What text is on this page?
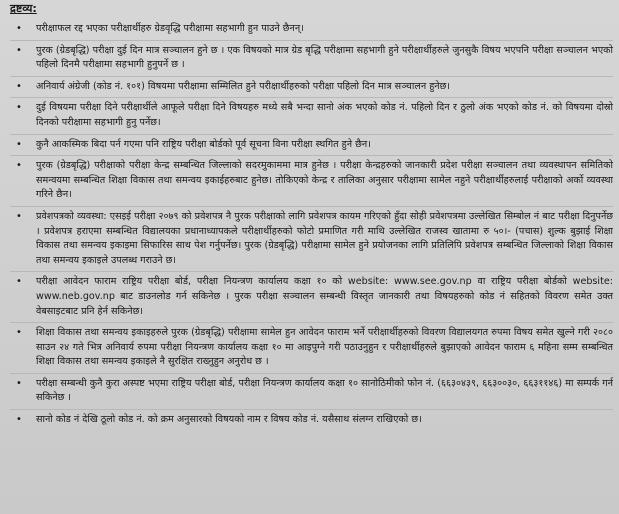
द्रष्टव्य:
• परीक्षाफल रद्द भएका परीक्षार्थीहरु ग्रेडवृद्धि परीक्षामा सहभागी हुन पाउने छैनन्।
• पुरक (ग्रेडबृद्धि) परीक्षा दुई दिन मात्र सञ्चालन हुने छ । एक विषयको मात्र ग्रेड बृद्धि परीक्षामा सहभागी हुने परीक्षार्थीहरुले जुनसुकै विषय भएपनि परीक्षा सञ्चालन भएको पहिलो दिनमै परीक्षामा सहभागी हुनुपर्ने छ ।
• अनिवार्य अंग्रेजी (कोड नं. १०१) विषयमा परीक्षामा सम्मिलित हुने परीक्षार्थीहरुको परीक्षा पहिलो दिन मात्र सञ्चालन हुनेछ।
• दुई विषयमा परीक्षा दिने परीक्षार्थीले आफूले परीक्षा दिने विषयहरु मध्ये सबै भन्दा सानो अंक भएको कोड नं. पहिलो दिन र ठुलो अंक भएको कोड नं. को विषयमा दोस्रो दिनको परीक्षामा सहभागी हुनु पर्नेछ।
• कुनै आकस्मिक बिदा पर्न गएमा पनि राष्ट्रिय परीक्षा बोर्डको पूर्व सूचना विना परीक्षा स्थगित हुने छैन।
• पुरक (ग्रेडबृद्धि) परीक्षाको परीक्षा केन्द्र सम्बन्धित जिल्लाको सदरमुकाममा मात्र हुनेछ । परीक्षा केन्द्रहरुको जानकारी प्रदेश परीक्षा सञ्चालन तथा व्यवस्थापन समितिको समन्वयमा सम्बन्धित शिक्षा विकास तथा समन्वय इकाईहरुबाट हुनेछ। तोकिएको केन्द्र र तालिका अनुसार परीक्षामा सामेल नहुने परीक्षार्थीहरुलाई परीक्षाको अर्को व्यवस्था गरिने छैन।
• प्रवेशपत्रको व्यवस्था: एसइई परीक्षा २०७९ को प्रवेशपत्र नै पुरक परीक्षाको लागि प्रवेशपत्र कायम गरिएको हुँदा सोही प्रवेशपत्रमा उल्लेखित सिम्बोल नं बाट परीक्षा दिनुपर्नेछ । प्रवेशपत्र हराएमा सम्बन्धित विद्यालयका प्रधानाध्यापकले परीक्षार्थीहरुको फोटो प्रमाणित गरी माथि उल्लेखित राजस्व खातामा रु ५०।- (पचास) शुल्क बुझाई शिक्षा विकास तथा समन्वय इकाइमा सिफारिस साथ पेश गर्नुपर्नेछ। पुरक (ग्रेडबृद्धि) परीक्षामा सामेल हुने प्रयोजनका लागि प्रतिलिपि प्रवेशपत्र सम्बन्धित जिल्लाको शिक्षा विकास तथा समन्वय इकाइले उपलब्ध गराउने छ।
• परीक्षा आवेदन फाराम राष्ट्रिय परीक्षा बोर्ड, परीक्षा नियन्त्रण कार्यालय कक्षा १० को website: www.see.gov.np वा राष्ट्रिय परीक्षा बोर्डको website: www.neb.gov.np बाट डाउनलोड गर्न सकिनेछ । पुरक परीक्षा सञ्चालन सम्बन्धी विस्तृत जानकारी तथा विषयहरुको कोड नं सहितको विवरण समेत उक्त वेबसाइटबाट प्रनि हेर्न सकिनेछ।
• शिक्षा विकास तथा समन्वय इकाइहरुले पुरक (ग्रेडबृद्धि) परीक्षामा सामेल हुन आवेदन फाराम भर्ने परीक्षार्थीहरुको विवरण विद्यालयगत रुपमा विषय समेत खुल्ने गरी २०८० साउन २४ गते भित्र अनिवार्य रुपमा परीक्षा नियन्त्रण कार्यालय कक्षा १० मा आइपुग्ने गरी पठाउनुहुन र परीक्षार्थीहरुले बुझाएको आवेदन फाराम ६ महिना सम्म सम्बन्धित शिक्षा विकास तथा समन्वय इकाइले नै सुरक्षित राख्नुहुन अनुरोध छ ।
• परीक्षा सम्बन्धी कुनै कुरा अस्पष्ट भएमा राष्ट्रिय परीक्षा बोर्ड, परीक्षा नियन्त्रण कार्यालय कक्षा १० सानोठिमीको फोन नं. (६६३०४३९, ६६३००३०, ६६३११४६) मा सम्पर्क गर्न सकिनेछ ।
• सानो कोड नं देखि ठूलो कोड नं. को क्रम अनुसारको विषयको नाम र विषय कोड नं. यसैसाथ संलग्न राखिएको छ।
